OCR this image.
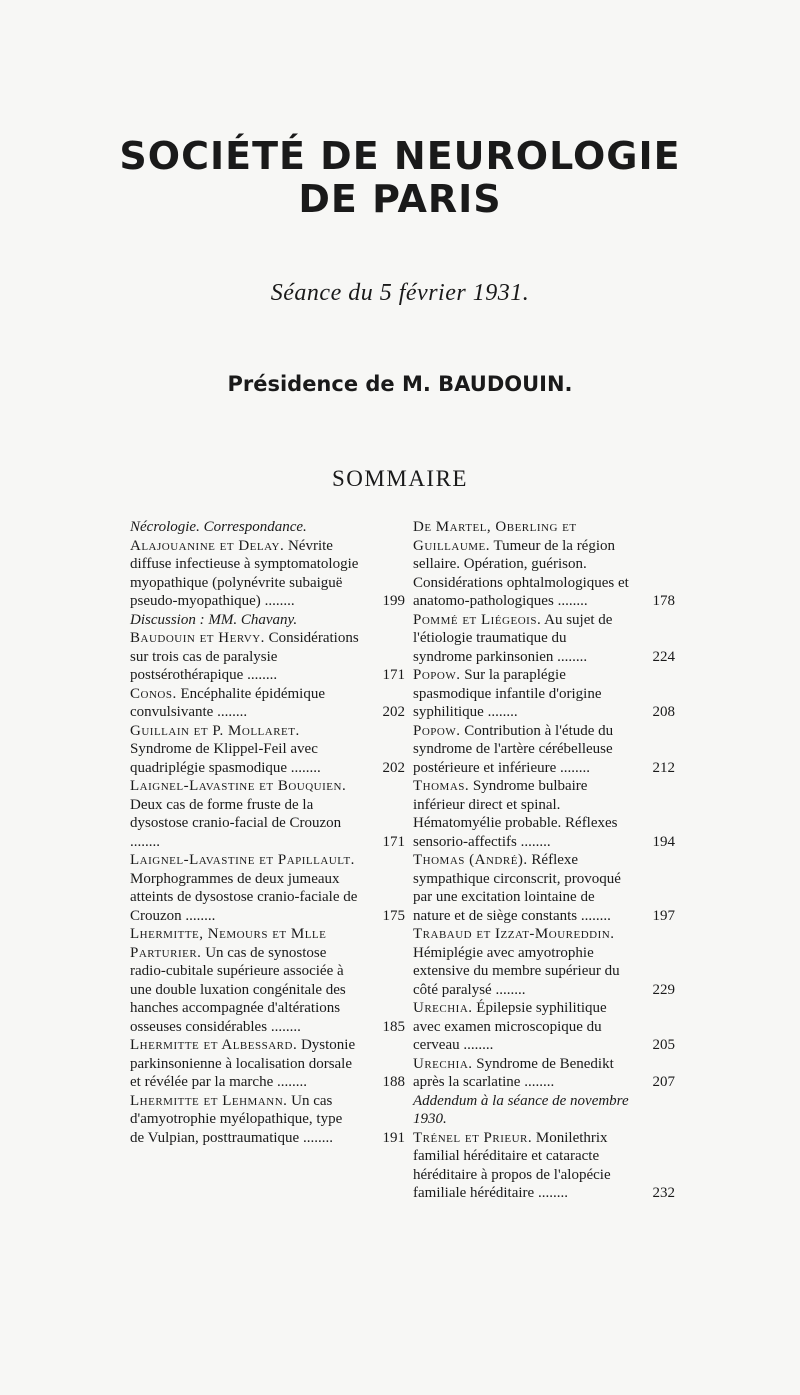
SOCIÉTÉ DE NEUROLOGIE
DE PARIS
Séance du 5 février 1931.
Présidence de M. BAUDOUIN.
SOMMAIRE
Nécrologie. Correspondance.
Alajouanine et Delay. Névrite diffuse infectieuse à symptomatologie myopathique (polynévrite subaiguë pseudo-myopathique) ........	199
Discussion : MM. Chavany.
Baudouin et Hervy. Considérations sur trois cas de paralysie postsérothérapique ........	171
Conos. Encéphalite épidémique convulsivante ........	202
Guillain et P. Mollaret. Syndrome de Klippel-Feil avec quadriplégie spasmodique ........	202
Laignel-Lavastine et Bouquien. Deux cas de forme fruste de la dysostose cranio-facial de Crouzon ........	171
Laignel-Lavastine et Papillault. Morphogrammes de deux jumeaux atteints de dysostose cranio-faciale de Crouzon ........	175
Lhermitte, Nemours et Mlle Parturier. Un cas de synostose radio-cubitale supérieure associée à une double luxation congénitale des hanches accompagnée d'altérations osseuses considérables ........	185
Lhermitte et Albessard. Dystonie parkinsonienne à localisation dorsale et révélée par la marche ........	188
Lhermitte et Lehmann. Un cas d'amyotrophie myélopathique, type de Vulpian, posttraumatique ........	191
De Martel, Oberling et Guillaume. Tumeur de la région sellaire. Opération, guérison. Considérations ophtalmologiques et anatomo-pathologiques ........	178
Pommé et Liégeois. Au sujet de l'étiologie traumatique du syndrome parkinsonien ........	224
Popow. Sur la paraplégie spasmodique infantile d'origine syphilitique ........	208
Popow. Contribution à l'étude du syndrome de l'artère cérébelleuse postérieure et inférieure ........	212
Thomas. Syndrome bulbaire inférieur direct et spinal. Hématomyélie probable. Réflexes sensorio-affectifs ........	194
Thomas (André). Réflexe sympathique circonscrit, provoqué par une excitation lointaine de nature et de siège constants ........	197
Trabaud et Izzat-Moureddin. Hémiplégie avec amyotrophie extensive du membre supérieur du côté paralysé ........	229
Urechia. Épilepsie syphilitique avec examen microscopique du cerveau ........	205
Urechia. Syndrome de Benedikt après la scarlatine ........	207
Addendum à la séance de novembre 1930.
Trénel et Prieur. Monilethrix familial héréditaire et cataracte héréditaire à propos de l'alopécie familiale héréditaire ........	232
